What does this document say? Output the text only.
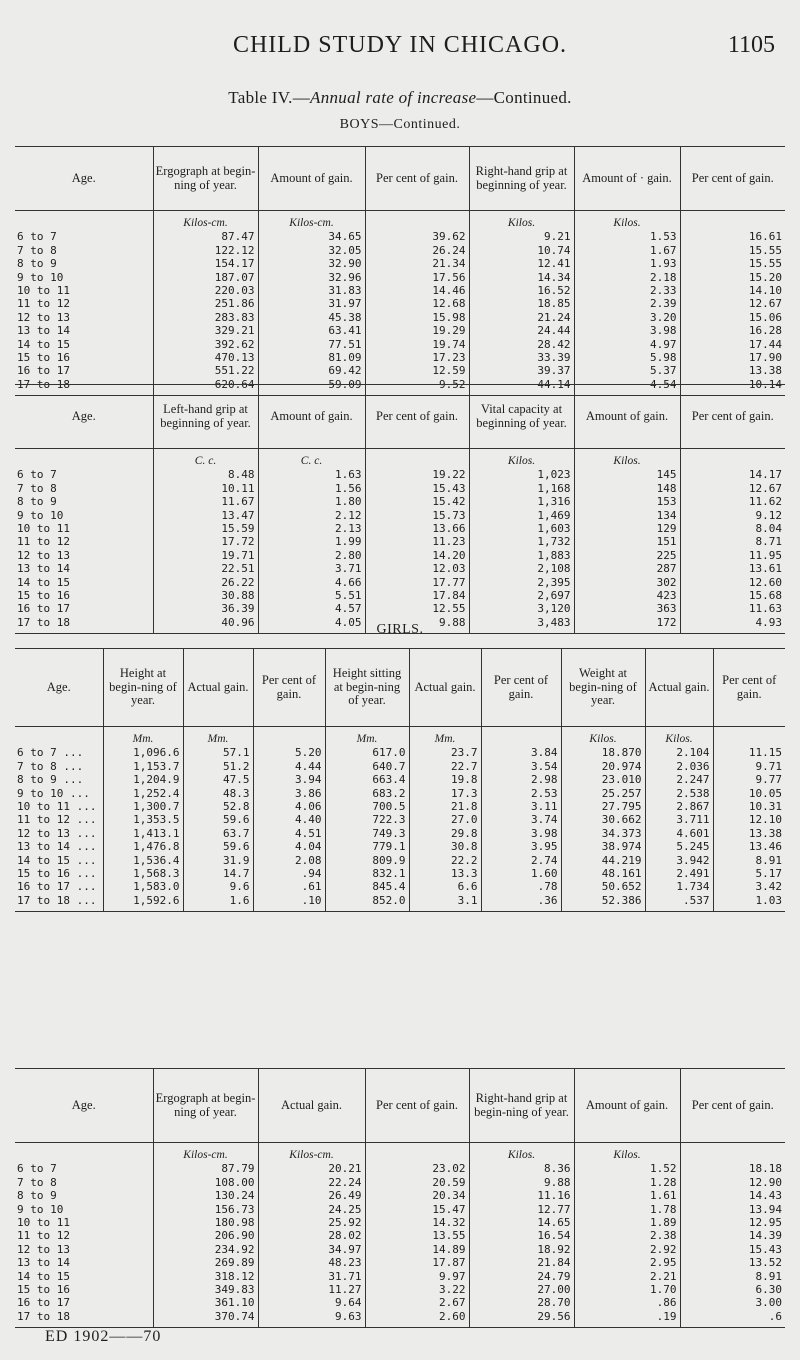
CHILD STUDY IN CHICAGO.	1105
Table IV.—Annual rate of increase—Continued.
BOYS—Continued.
Age.	Ergograph at begin-ning of year.	Amount of gain.	Per cent of gain.	Right-hand grip at beginning of year.	Amount of · gain.	Per cent of gain.
	Kilos-cm.	Kilos-cm.		Kilos.	Kilos.	
6 to 7	87.47	34.65	39.62	9.21	1.53	16.61
7 to 8	122.12	32.05	26.24	10.74	1.67	15.55
8 to 9	154.17	32.90	21.34	12.41	1.93	15.55
9 to 10	187.07	32.96	17.56	14.34	2.18	15.20
10 to 11	220.03	31.83	14.46	16.52	2.33	14.10
11 to 12	251.86	31.97	12.68	18.85	2.39	12.67
12 to 13	283.83	45.38	15.98	21.24	3.20	15.06
13 to 14	329.21	63.41	19.29	24.44	3.98	16.28
14 to 15	392.62	77.51	19.74	28.42	4.97	17.44
15 to 16	470.13	81.09	17.23	33.39	5.98	17.90
16 to 17	551.22	69.42	12.59	39.37	5.37	13.38
17 to 18	620.64	59.09	9.52	44.14	4.54	10.14
Age.	Left-hand grip at beginning of year.	Amount of gain.	Per cent of gain.	Vital capacity at beginning of year.	Amount of gain.	Per cent of gain.
	C. c.	C. c.		Kilos.	Kilos.	
6 to 7	8.48	1.63	19.22	1,023	145	14.17
7 to 8	10.11	1.56	15.43	1,168	148	12.67
8 to 9	11.67	1.80	15.42	1,316	153	11.62
9 to 10	13.47	2.12	15.73	1,469	134	9.12
10 to 11	15.59	2.13	13.66	1,603	129	8.04
11 to 12	17.72	1.99	11.23	1,732	151	8.71
12 to 13	19.71	2.80	14.20	1,883	225	11.95
13 to 14	22.51	3.71	12.03	2,108	287	13.61
14 to 15	26.22	4.66	17.77	2,395	302	12.60
15 to 16	30.88	5.51	17.84	2,697	423	15.68
16 to 17	36.39	4.57	12.55	3,120	363	11.63
17 to 18	40.96	4.05	9.88	3,483	172	4.93
GIRLS.
Age.	Height at begin-ning of year.	Actual gain.	Per cent of gain.	Height sitting at begin-ning of year.	Actual gain.	Per cent of gain.	Weight at begin-ning of year.	Actual gain.	Per cent of gain.
	Mm.	Mm.		Mm.	Mm.		Kilos.	Kilos.	
6 to 7 ...	1,096.6	57.1	5.20	617.0	23.7	3.84	18.870	2.104	11.15
7 to 8 ...	1,153.7	51.2	4.44	640.7	22.7	3.54	20.974	2.036	9.71
8 to 9 ...	1,204.9	47.5	3.94	663.4	19.8	2.98	23.010	2.247	9.77
9 to 10 ...	1,252.4	48.3	3.86	683.2	17.3	2.53	25.257	2.538	10.05
10 to 11 ...	1,300.7	52.8	4.06	700.5	21.8	3.11	27.795	2.867	10.31
11 to 12 ...	1,353.5	59.6	4.40	722.3	27.0	3.74	30.662	3.711	12.10
12 to 13 ...	1,413.1	63.7	4.51	749.3	29.8	3.98	34.373	4.601	13.38
13 to 14 ...	1,476.8	59.6	4.04	779.1	30.8	3.95	38.974	5.245	13.46
14 to 15 ...	1,536.4	31.9	2.08	809.9	22.2	2.74	44.219	3.942	8.91
15 to 16 ...	1,568.3	14.7	.94	832.1	13.3	1.60	48.161	2.491	5.17
16 to 17 ...	1,583.0	9.6	.61	845.4	6.6	.78	50.652	1.734	3.42
17 to 18 ...	1,592.6	1.6	.10	852.0	3.1	.36	52.386	.537	1.03
Age.	Ergograph at begin-ning of year.	Actual gain.	Per cent of gain.	Right-hand grip at begin-ning of year.	Amount of gain.	Per cent of gain.
	Kilos-cm.	Kilos-cm.		Kilos.	Kilos.	
6 to 7	87.79	20.21	23.02	8.36	1.52	18.18
7 to 8	108.00	22.24	20.59	9.88	1.28	12.90
8 to 9	130.24	26.49	20.34	11.16	1.61	14.43
9 to 10	156.73	24.25	15.47	12.77	1.78	13.94
10 to 11	180.98	25.92	14.32	14.65	1.89	12.95
11 to 12	206.90	28.02	13.55	16.54	2.38	14.39
12 to 13	234.92	34.97	14.89	18.92	2.92	15.43
13 to 14	269.89	48.23	17.87	21.84	2.95	13.52
14 to 15	318.12	31.71	9.97	24.79	2.21	8.91
15 to 16	349.83	11.27	3.22	27.00	1.70	6.30
16 to 17	361.10	9.64	2.67	28.70	.86	3.00
17 to 18	370.74	9.63	2.60	29.56	.19	.6
ED 1902——70
